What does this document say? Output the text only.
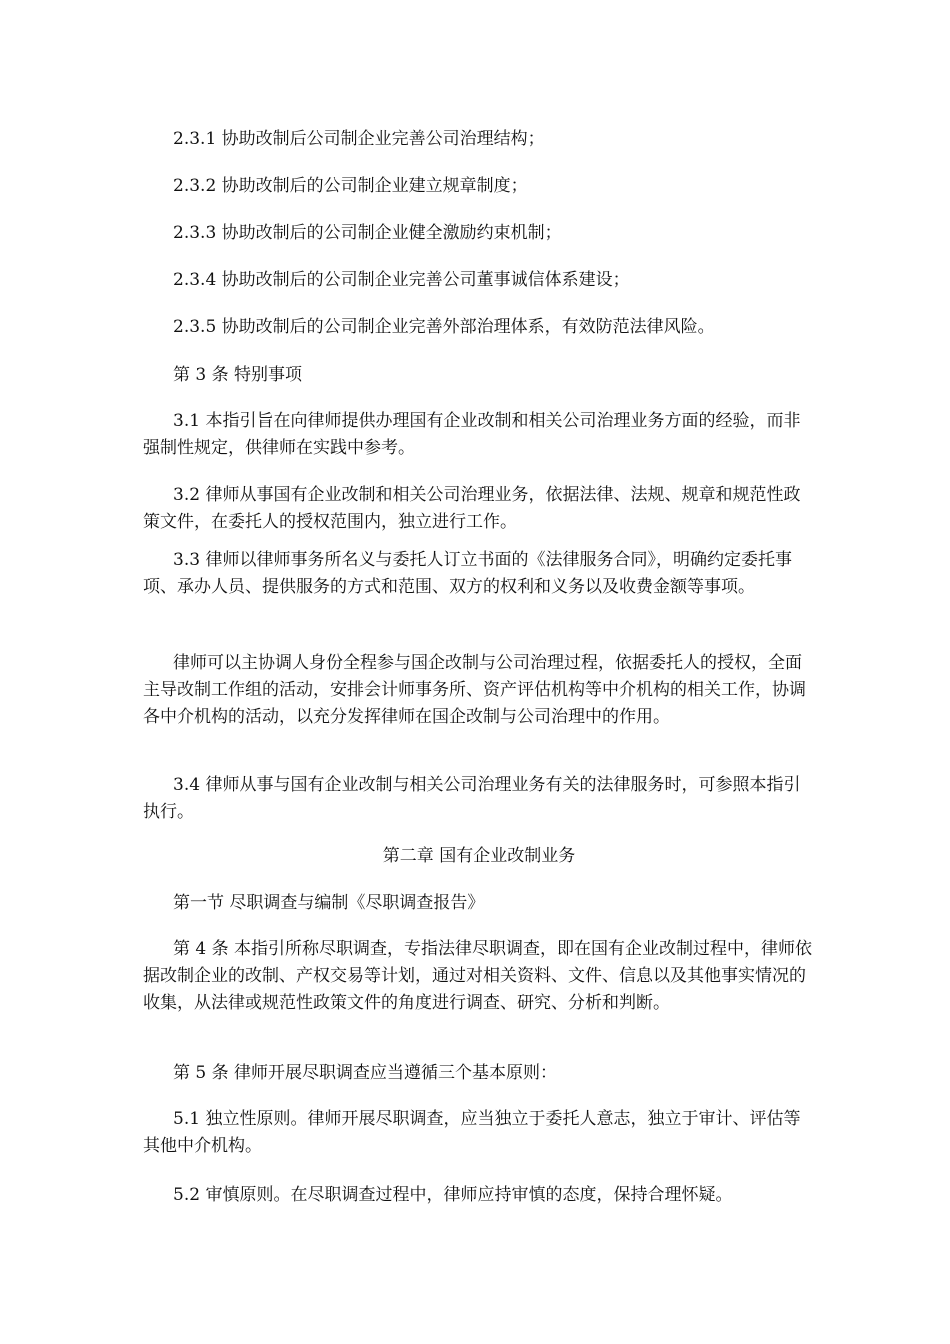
2.3.1 协助改制后公司制企业完善公司治理结构；

2.3.2 协助改制后的公司制企业建立规章制度；

2.3.3 协助改制后的公司制企业健全激励约束机制；

2.3.4 协助改制后的公司制企业完善公司董事诚信体系建设；

2.3.5 协助改制后的公司制企业完善外部治理体系，有效防范法律风险。

第 3 条 特别事项

3.1 本指引旨在向律师提供办理国有企业改制和相关公司治理业务方面的经验，而非强制性规定，供律师在实践中参考。

3.2 律师从事国有企业改制和相关公司治理业务，依据法律、法规、规章和规范性政策文件，在委托人的授权范围内，独立进行工作。

3.3 律师以律师事务所名义与委托人订立书面的《法律服务合同》，明确约定委托事项、承办人员、提供服务的方式和范围、双方的权利和义务以及收费金额等事项。

律师可以主协调人身份全程参与国企改制与公司治理过程，依据委托人的授权，全面主导改制工作组的活动，安排会计师事务所、资产评估机构等中介机构的相关工作，协调各中介机构的活动，以充分发挥律师在国企改制与公司治理中的作用。

3.4 律师从事与国有企业改制与相关公司治理业务有关的法律服务时，可参照本指引执行。

第二章 国有企业改制业务

第一节 尽职调查与编制《尽职调查报告》

第 4 条 本指引所称尽职调查，专指法律尽职调查，即在国有企业改制过程中，律师依据改制企业的改制、产权交易等计划，通过对相关资料、文件、信息以及其他事实情况的收集，从法律或规范性政策文件的角度进行调查、研究、分析和判断。

第 5 条 律师开展尽职调查应当遵循三个基本原则：

5.1 独立性原则。律师开展尽职调查，应当独立于委托人意志，独立于审计、评估等其他中介机构。

5.2 审慎原则。在尽职调查过程中，律师应持审慎的态度，保持合理怀疑。
